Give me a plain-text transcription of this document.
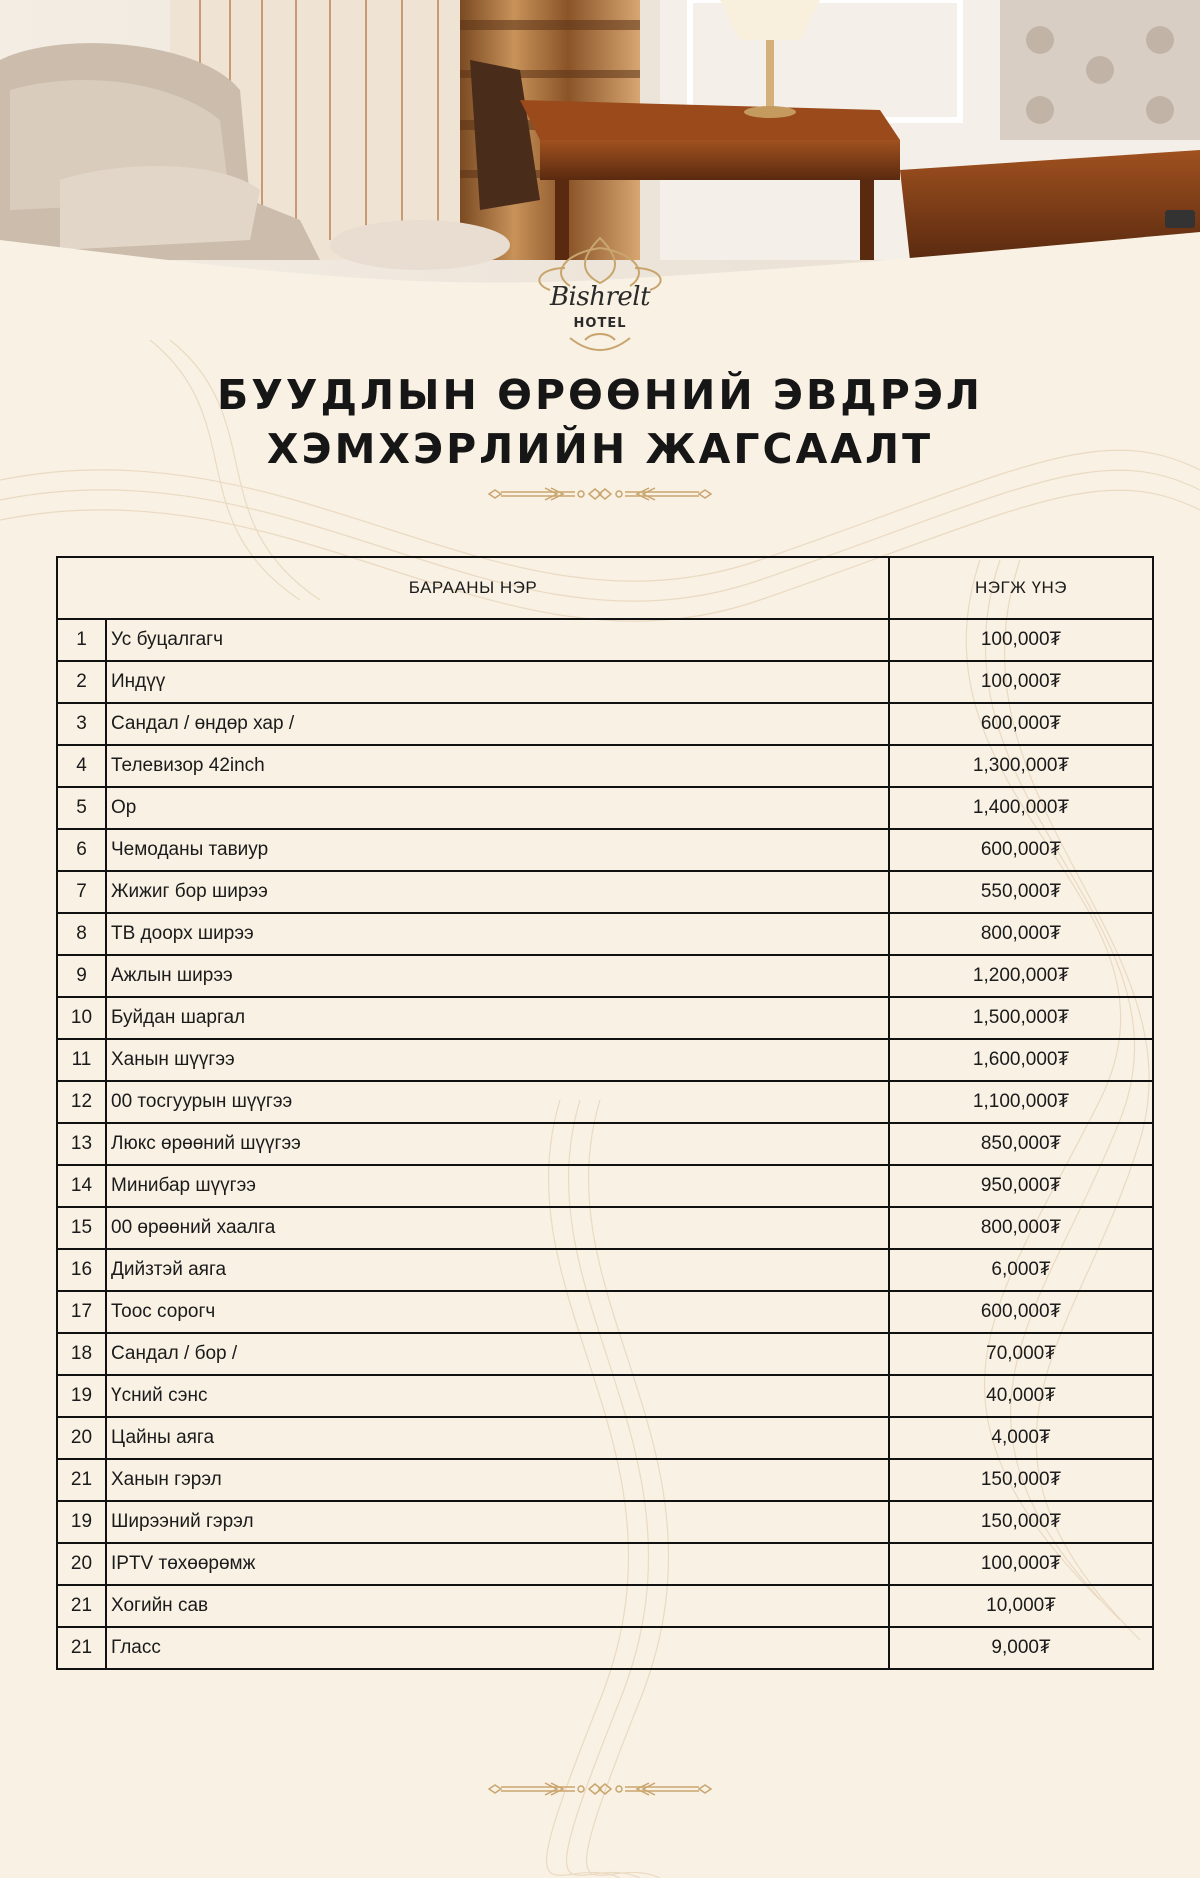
Bishrelt
HOTEL
БУУДЛЫН ӨРӨӨНИЙ ЭВДРЭЛ
ХЭМХЭРЛИЙН ЖАГСААЛТ
БАРААНЫ НЭР		НЭГЖ ҮНЭ
1	Ус буцалгагч	100,000₮
2	Индүү	100,000₮
3	Сандал / өндөр хар /	600,000₮
4	Телевизор 42inch	1,300,000₮
5	Ор	1,400,000₮
6	Чемоданы тавиур	600,000₮
7	Жижиг бор ширээ	550,000₮
8	ТВ доорх ширээ	800,000₮
9	Ажлын ширээ	1,200,000₮
10	Буйдан шаргал	1,500,000₮
11	Ханын шүүгээ	1,600,000₮
12	00 тосгуурын шүүгээ	1,100,000₮
13	Люкс өрөөний шүүгээ	850,000₮
14	Минибар шүүгээ	950,000₮
15	00 өрөөний хаалга	800,000₮
16	Дийзтэй аяга	6,000₮
17	Тоос сорогч	600,000₮
18	Сандал / бор /	70,000₮
19	Үсний сэнс	40,000₮
20	Цайны аяга	4,000₮
21	Ханын гэрэл	150,000₮
19	Ширээний гэрэл	150,000₮
20	IPTV төхөөрөмж	100,000₮
21	Хогийн сав	10,000₮
21	Гласс	9,000₮
